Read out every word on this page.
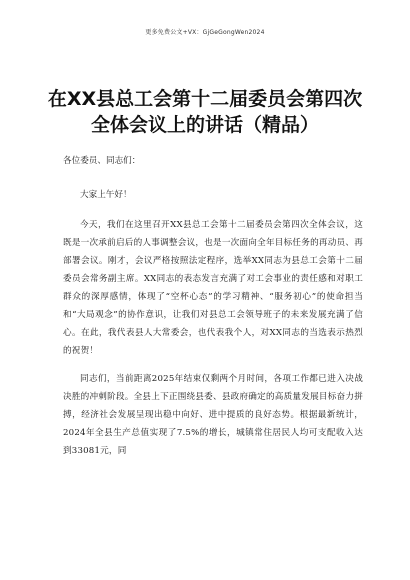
更多免费公文+VX：GjGeGongWen2024
在XX县总工会第十二届委员会第四次全体会议上的讲话（精品）

各位委员、同志们：

大家上午好！

今天，我们在这里召开XX县总工会第十二届委员会第四次全体会议，这既是一次承前启后的人事调整会议，也是一次面向全年目标任务的再动员、再部署会议。刚才，会议严格按照法定程序，选举XX同志为县总工会第十二届委员会常务副主席。XX同志的表态发言充满了对工会事业的责任感和对职工群众的深厚感情，体现了“空杯心态”的学习精神、“服务初心”的使命担当和“大局观念”的协作意识，让我们对县总工会领导班子的未来发展充满了信心。在此，我代表县人大常委会，也代表我个人，对XX同志的当选表示热烈的祝贺！

同志们，当前距离2025年结束仅剩两个月时间，各项工作都已进入决战决胜的冲刺阶段。全县上下正围绕县委、县政府确定的高质量发展目标奋力拼搏，经济社会发展呈现出稳中向好、进中提质的良好态势。根据最新统计，2024年全县生产总值实现了7.5%的增长，城镇常住居民人均可支配收入达到33081元，同
